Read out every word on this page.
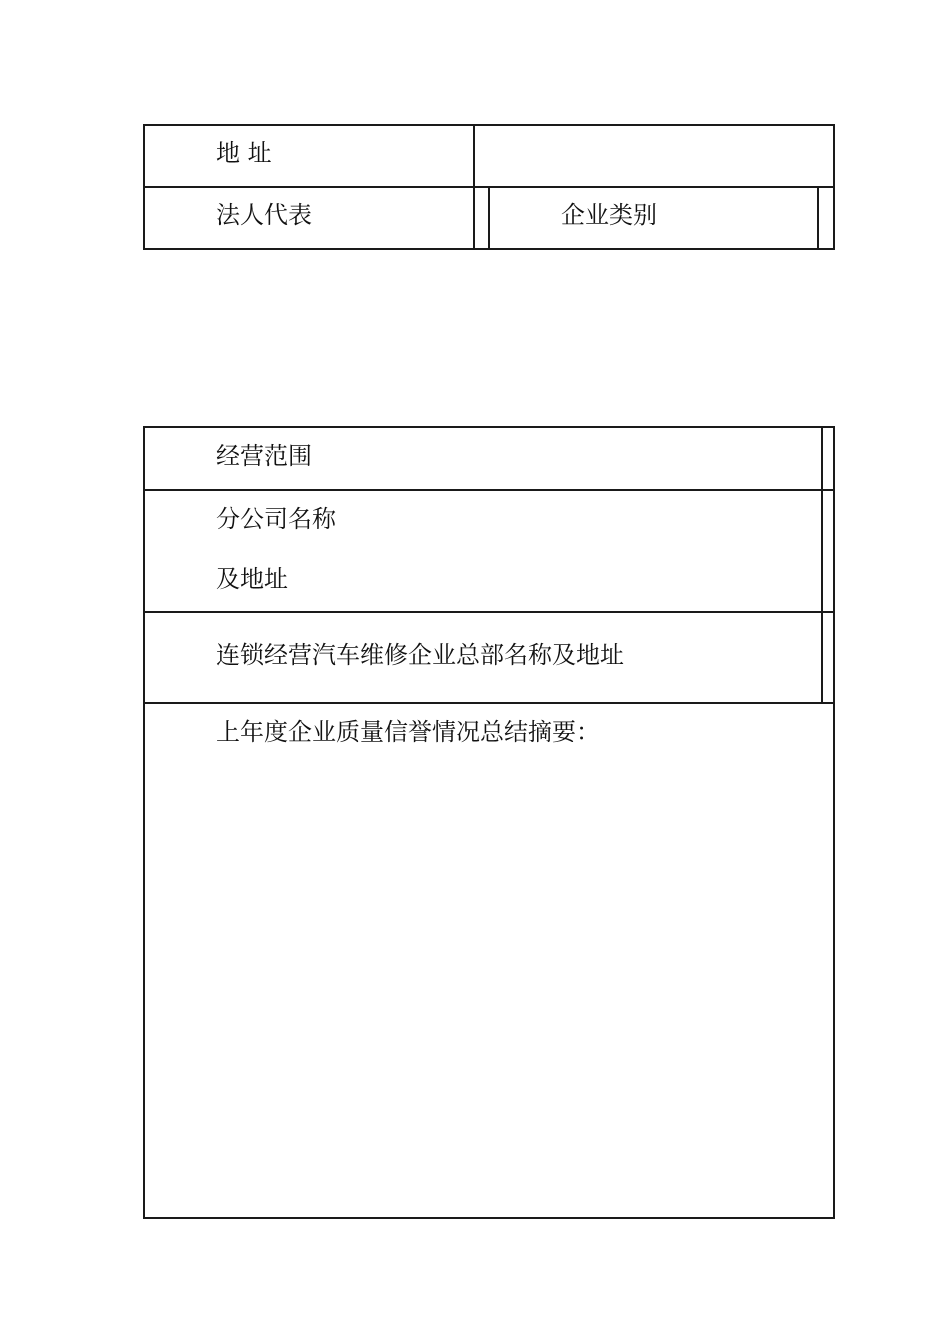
地 址
法人代表	企业类别
经营范围
分公司名称
及地址
连锁经营汽车维修企业总部名称及地址
上年度企业质量信誉情况总结摘要：
